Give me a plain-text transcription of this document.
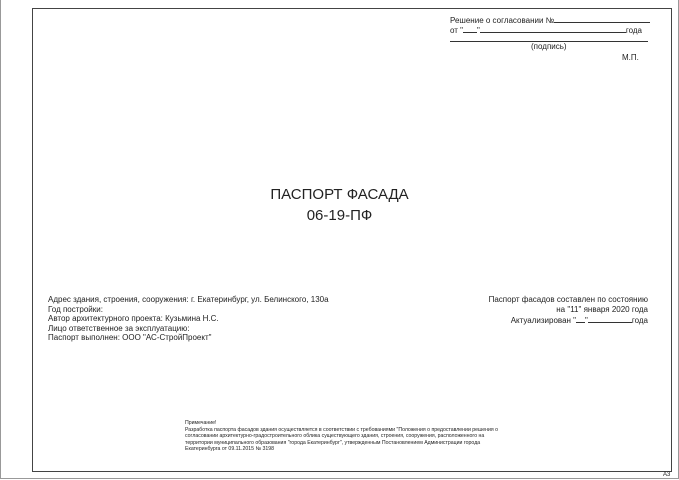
Решение о согласовании №
от " "	года
(подпись)
М.П.
ПАСПОРТ ФАСАДА
06-19-ПФ
Адрес здания, строения, сооружения: г. Екатеринбург, ул. Белинского, 130а
Год постройки:
Автор архитектурного проекта: Кузьмина Н.С.
Лицо ответственное за эксплуатацию:
Паспорт выполнен: ООО "АС-СтройПроект"
Паспорт фасадов составлен по состоянию
на "11" января 2020 года
Актуализирован " "	года
Примечание!
Разработка паспорта фасадов здания осуществляется в соответствии с требованиями "Положения о предоставлении решения о
согласовании архитектурно-градостроительного облика существующего здания, строения, сооружения, расположенного на
территории муниципального образования "города Екатеринбург", утвержденным Постановлением Администрации города
Екатеринбурга от 09.11.2015 № 3198
А3
